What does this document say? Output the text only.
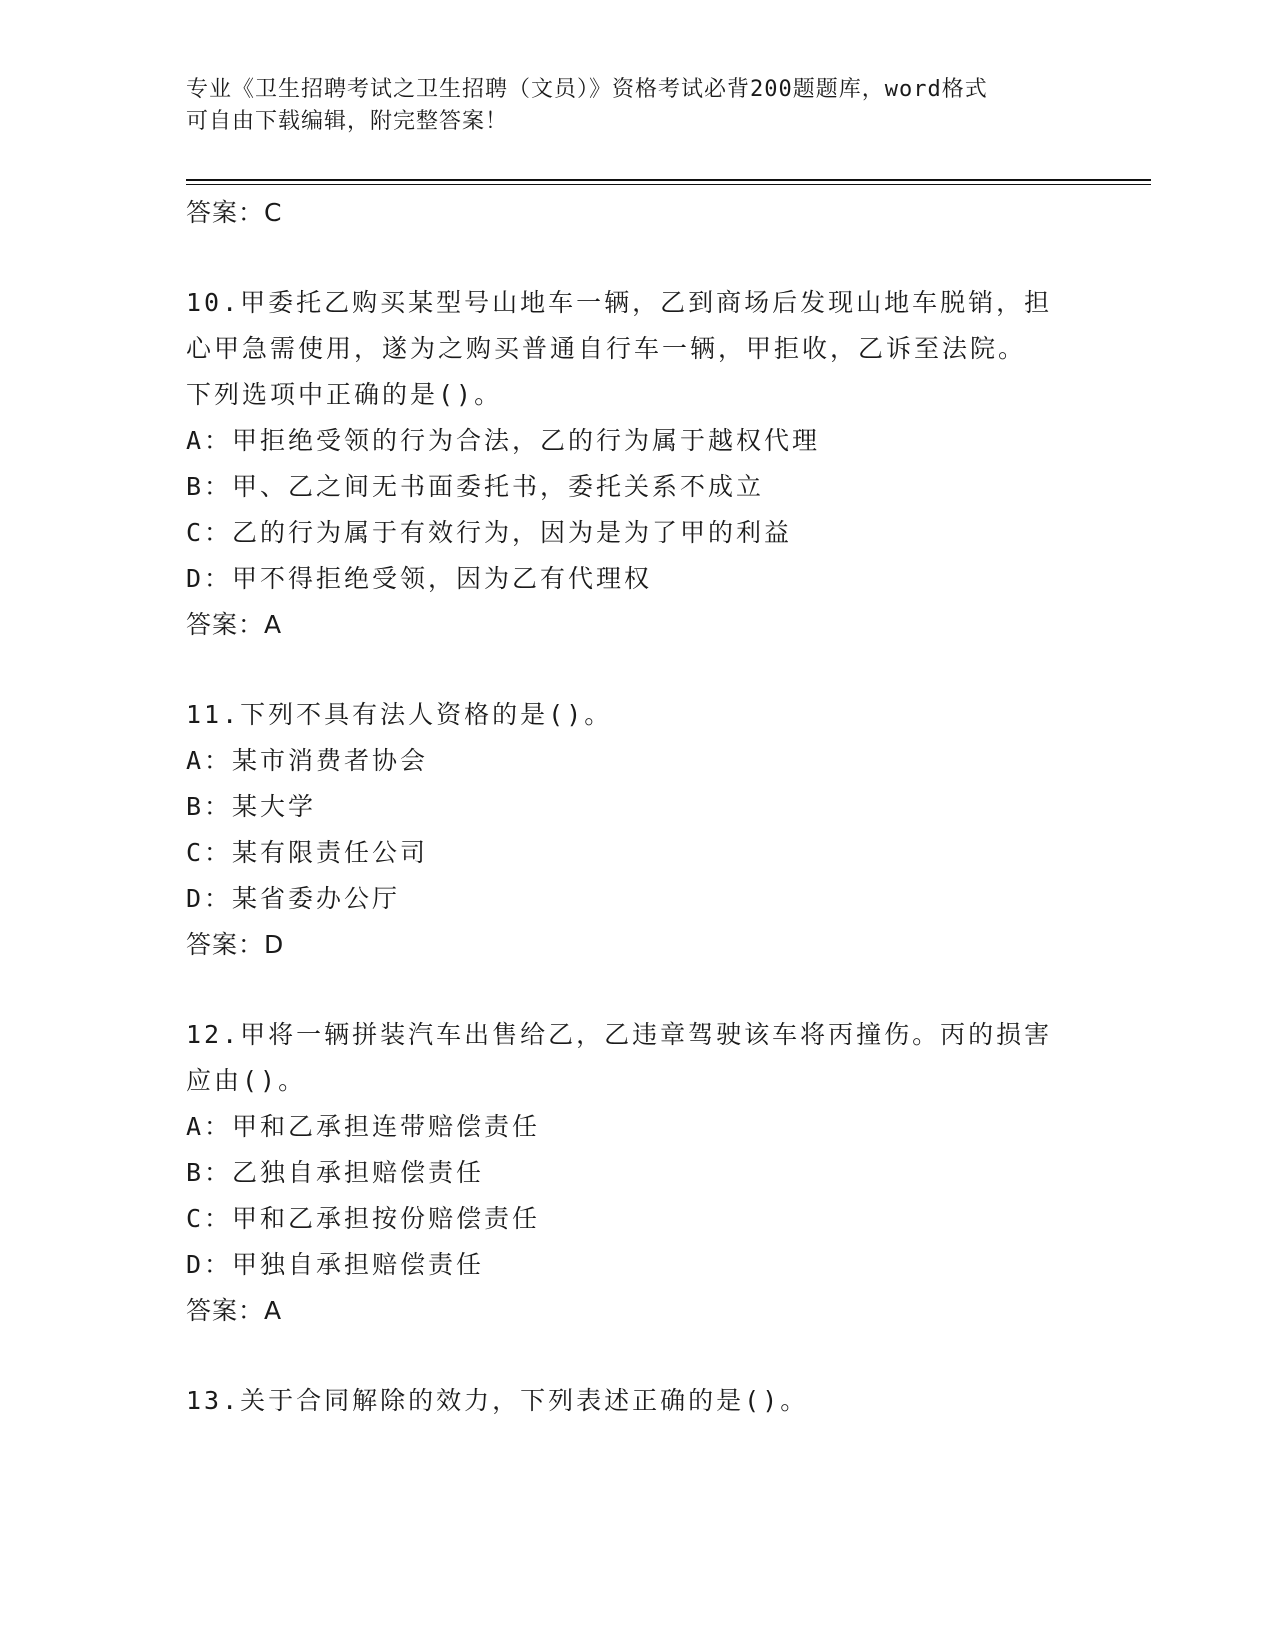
专业《卫生招聘考试之卫生招聘（文员）》资格考试必背200题题库，word格式
可自由下载编辑，附完整答案！
答案：C
10.甲委托乙购买某型号山地车一辆，乙到商场后发现山地车脱销，担
心甲急需使用，遂为之购买普通自行车一辆，甲拒收，乙诉至法院。
下列选项中正确的是()。
A：甲拒绝受领的行为合法，乙的行为属于越权代理
B：甲、乙之间无书面委托书，委托关系不成立
C：乙的行为属于有效行为，因为是为了甲的利益
D：甲不得拒绝受领，因为乙有代理权
答案：A
11.下列不具有法人资格的是()。
A：某市消费者协会
B：某大学
C：某有限责任公司
D：某省委办公厅
答案：D
12.甲将一辆拼装汽车出售给乙，乙违章驾驶该车将丙撞伤。丙的损害
应由()。
A：甲和乙承担连带赔偿责任
B：乙独自承担赔偿责任
C：甲和乙承担按份赔偿责任
D：甲独自承担赔偿责任
答案：A
13.关于合同解除的效力，下列表述正确的是()。
